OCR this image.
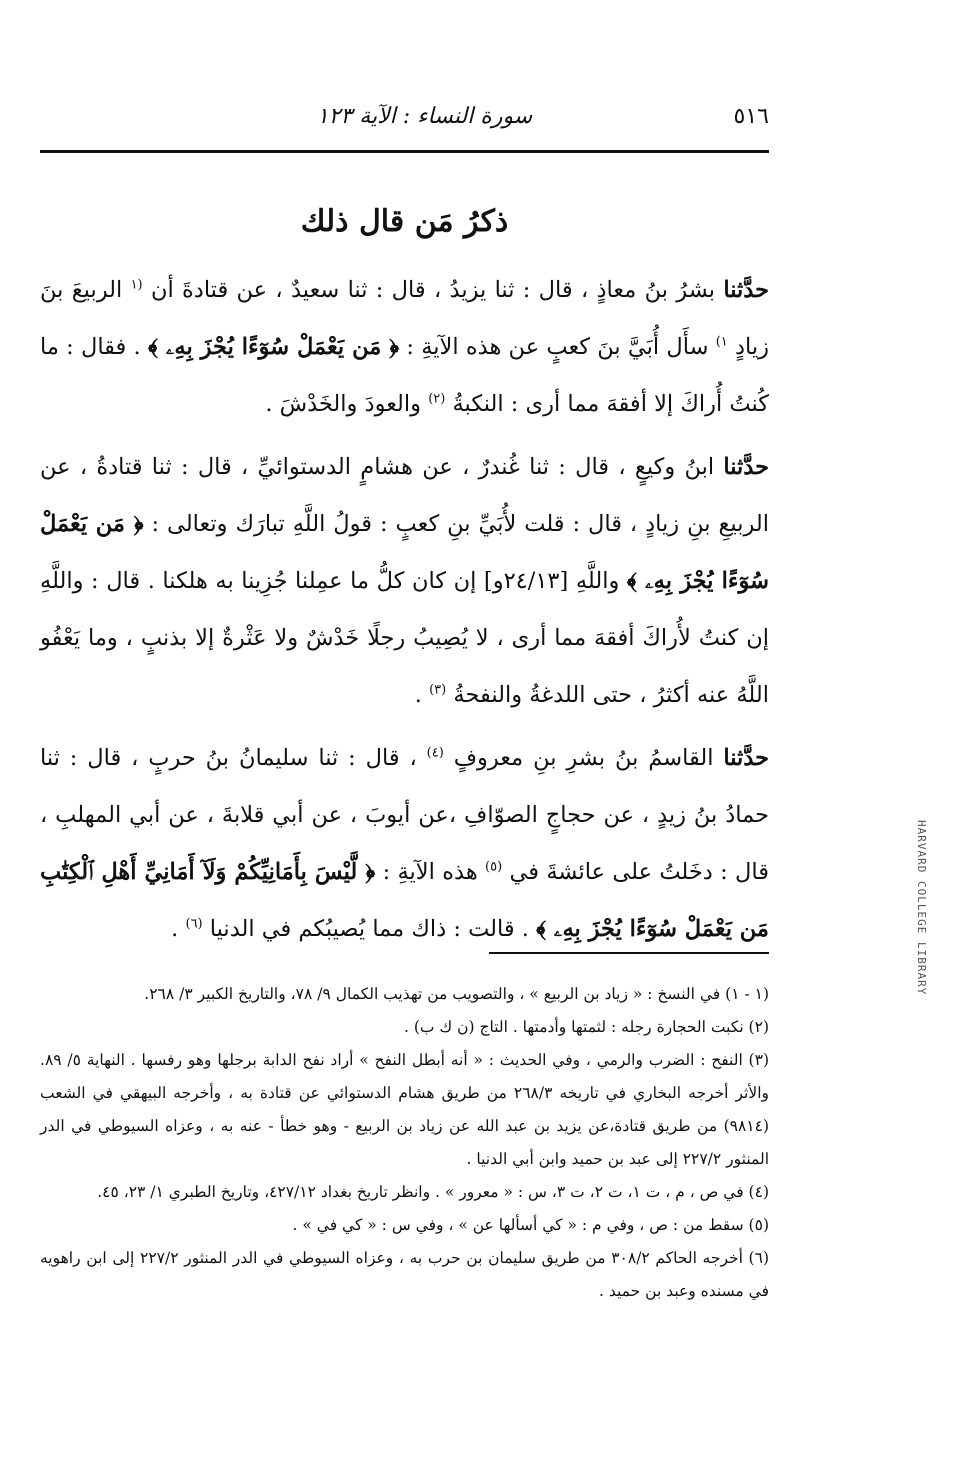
٥١٦
سورة النساء : الآية ١٢٣
ذكرُ مَن قال ذلك

حدَّثنا بشرُ بنُ معاذٍ ، قال : ثنا يزيدُ ، قال : ثنا سعيدٌ ، عن قتادةَ أن $^{(١}$ الربيعَ بنَ زيادٍ $^{١)}$ سأَل أُبَيَّ بنَ كعبٍ عن هذه الآيةِ : ﴿ مَن يَعْمَلْ سُوٓءًا يُجْزَ بِهِۦ ﴾ . فقال : ما كُنتُ أُراكَ إلا أفقهَ مما أرى : النكبةُ $^{(٢)}$ والعودَ والخَدْشَ .

حدَّثنا ابنُ وكيعٍ ، قال : ثنا غُندرٌ ، عن هشامٍ الدستوائيِّ ، قال : ثنا قتادةُ ، عن الربيعِ بنِ زيادٍ ، قال : قلت لأُبَيِّ بنِ كعبٍ : قولُ اللَّهِ تبارَك وتعالى : ﴿ مَن يَعْمَلْ سُوٓءًا يُجْزَ بِهِۦ ﴾ واللَّهِ [٢٤/١٣و] إن كان كلُّ ما عمِلنا جُزِينا به هلكنا . قال : واللَّهِ إن كنتُ لأُراكَ أفقهَ مما أرى ، لا يُصِيبُ رجلًا خَدْشٌ ولا عَثْرةٌ إلا بذنبٍ ، وما يَعْفُو اللَّهُ عنه أكثرُ ، حتى اللدغةُ والنفحةُ $^{(٣)}$ .

حدَّثنا القاسمُ بنُ بشرِ بنِ معروفٍ $^{(٤)}$ ، قال : ثنا سليمانُ بنُ حربٍ ، قال : ثنا حمادُ بنُ زيدٍ ، عن حجاجٍ الصوّافِ ،عن أيوبَ ، عن أبي قلابةَ ، عن أبي المهلبِ ، قال : دخَلتُ على عائشةَ في $^{(٥)}$ هذه الآيةِ : ﴿ لَّيْسَ بِأَمَانِيِّكُمْ وَلَآ أَمَانِيِّ أَهْلِ ٱلْكِتَٰبِ مَن يَعْمَلْ سُوٓءًا يُجْزَ بِهِۦ ﴾ . قالت : ذاك مما يُصيبُكم في الدنيا $^{(٦)}$ .

(١ - ١) في النسخ : « زياد بن الربيع » ، والتصويب من تهذيب الكمال ٩/ ٧٨، والتاريخ الكبير ٣/ ٢٦٨.

(٢) نكبت الحجارة رجله : لثمتها وأدمتها . التاج (ن ك ب) .

(٣) النفح : الضرب والرمي ، وفي الحديث : « أنه أبطل النفح » أراد نفح الدابة برجلها وهو رفسها . النهاية ٥/ ٨٩. والأثر أخرجه البخاري في تاريخه ٢٦٨/٣ من طريق هشام الدستوائي عن قتادة به ، وأخرجه البيهقي في الشعب (٩٨١٤) من طريق قتادة،عن يزيد بن عبد الله عن زياد بن الربيع - وهو خطأ - عنه به ، وعزاه السيوطي في الدر المنثور ٢٢٧/٢ إلى عبد بن حميد وابن أبي الدنيا .

(٤) في ص ، م ، ت ١، ت ٢، ت ٣، س : « معرور » . وانظر تاريخ بغداد ٤٢٧/١٢، وتاريخ الطبري ١/ ٢٣، ٤٥.

(٥) سقط من : ص ، وفي م : « كي أسألها عن » ، وفي س : « كي في » .

(٦) أخرجه الحاكم ٣٠٨/٢ من طريق سليمان بن حرب به ، وعزاه السيوطي في الدر المنثور ٢٢٧/٢ إلى ابن راهويه في مسنده وعبد بن حميد .

HARVARD COLLEGE LIBRARY
